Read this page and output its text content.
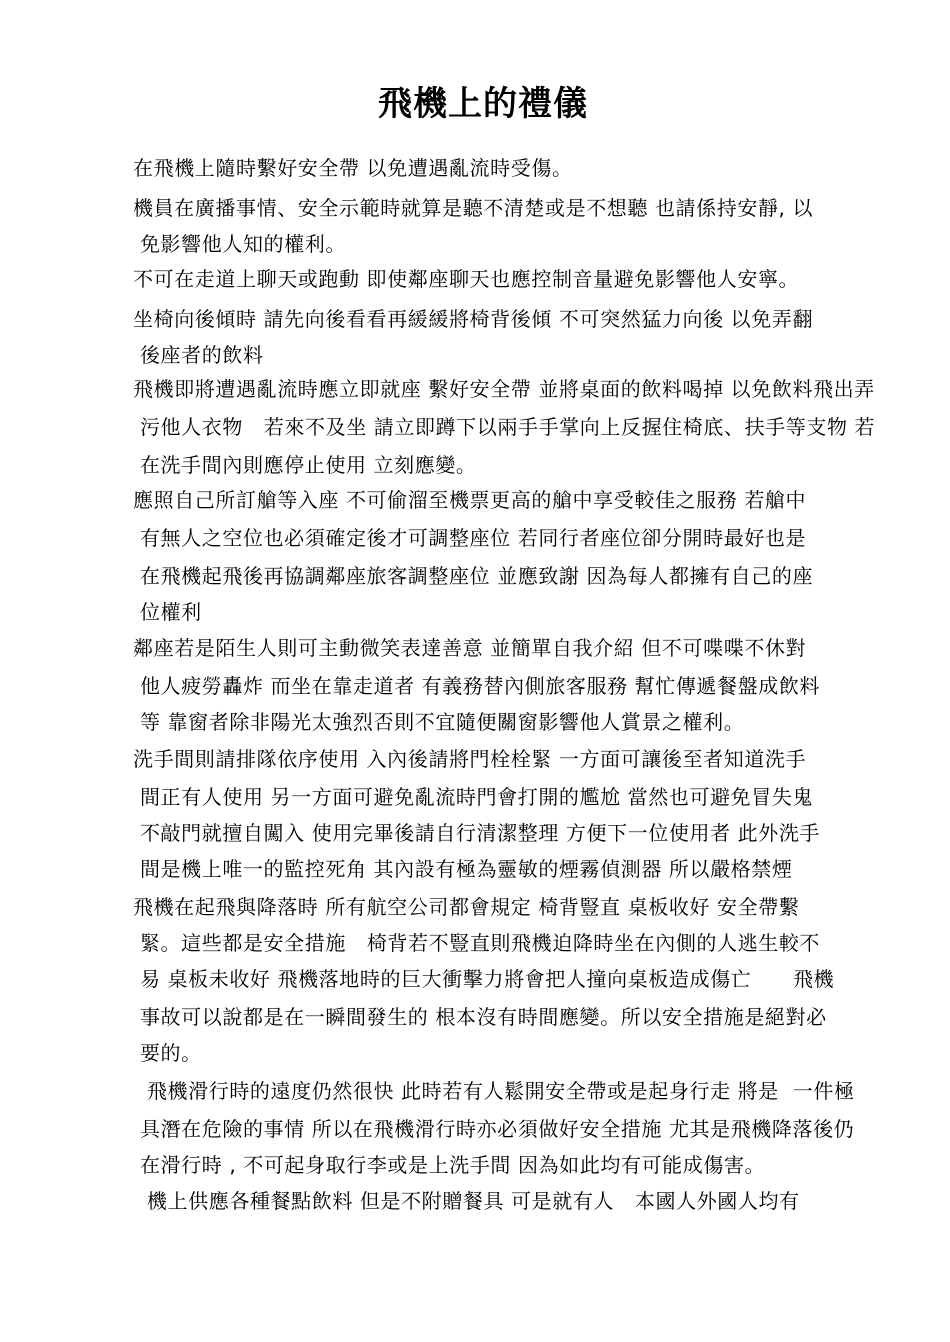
飛機上的禮儀
在飛機上隨時繫好安全帶 以免遭遇亂流時受傷。
機員在廣播事情、安全示範時就算是聽不清楚或是不想聽 也請係持安靜, 以
免影響他人知的權利。
不可在走道上聊天或跑動 即使鄰座聊天也應控制音量避免影響他人安寧。
坐椅向後傾時 請先向後看看再緩緩將椅背後傾 不可突然猛力向後 以免弄翻
後座者的飲料
飛機即將遭遇亂流時應立即就座 繫好安全帶 並將桌面的飲料喝掉 以免飲料飛出弄
污他人衣物   若來不及坐 請立即蹲下以兩手手掌向上反握住椅底、扶手等支物 若
在洗手間內則應停止使用 立刻應變。
應照自己所訂艙等入座 不可偷溜至機票更高的艙中享受較佳之服務 若艙中
有無人之空位也必須確定後才可調整座位 若同行者座位卻分開時最好也是
在飛機起飛後再協調鄰座旅客調整座位 並應致謝 因為每人都擁有自己的座
位權利
鄰座若是陌生人則可主動微笑表達善意 並簡單自我介紹 但不可喋喋不休對
他人疲勞轟炸 而坐在靠走道者 有義務替內側旅客服務 幫忙傳遞餐盤成飲料
等 靠窗者除非陽光太強烈否則不宜隨便關窗影響他人賞景之權利。
洗手間則請排隊依序使用 入內後請將門栓栓緊 一方面可讓後至者知道洗手
間正有人使用 另一方面可避免亂流時門會打開的尷尬 當然也可避免冒失鬼
不敲門就擅自闖入 使用完畢後請自行清潔整理 方便下一位使用者 此外洗手
間是機上唯一的監控死角 其內設有極為靈敏的煙霧偵測器 所以嚴格禁煙
飛機在起飛與降落時 所有航空公司都會規定 椅背豎直 桌板收好 安全帶繫
緊。這些都是安全措施   椅背若不豎直則飛機迫降時坐在內側的人逃生較不
易 桌板未收好 飛機落地時的巨大衝擊力將會把人撞向桌板造成傷亡      飛機
事故可以說都是在一瞬間發生的 根本沒有時間應變。所以安全措施是絕對必
要的。
飛機滑行時的遠度仍然很快 此時若有人鬆開安全帶或是起身行走 將是  一件極
具潛在危險的事情 所以在飛機滑行時亦必須做好安全措施 尤其是飛機降落後仍
在滑行時 , 不可起身取行李或是上洗手間 因為如此均有可能成傷害。
機上供應各種餐點飲料 但是不附贈餐具 可是就有人   本國人外國人均有
